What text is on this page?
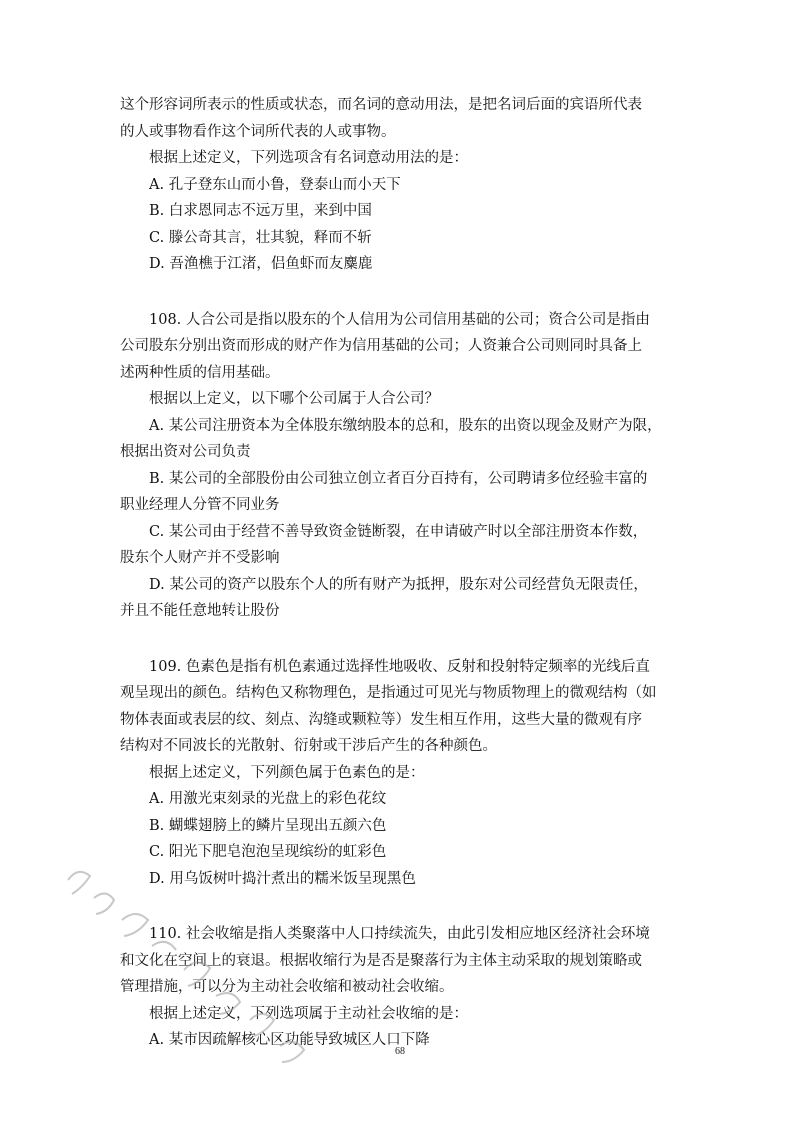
这个形容词所表示的性质或状态，而名词的意动用法，是把名词后面的宾语所代表
的人或事物看作这个词所代表的人或事物。
根据上述定义，下列选项含有名词意动用法的是：
A. 孔子登东山而小鲁，登泰山而小天下
B. 白求恩同志不远万里，来到中国
C. 滕公奇其言，壮其貌，释而不斩
D. 吾渔樵于江渚，侣鱼虾而友麋鹿
108. 人合公司是指以股东的个人信用为公司信用基础的公司；资合公司是指由
公司股东分别出资而形成的财产作为信用基础的公司；人资兼合公司则同时具备上
述两种性质的信用基础。
根据以上定义，以下哪个公司属于人合公司？
A. 某公司注册资本为全体股东缴纳股本的总和，股东的出资以现金及财产为限，
根据出资对公司负责
B. 某公司的全部股份由公司独立创立者百分百持有，公司聘请多位经验丰富的
职业经理人分管不同业务
C. 某公司由于经营不善导致资金链断裂，在申请破产时以全部注册资本作数，
股东个人财产并不受影响
D. 某公司的资产以股东个人的所有财产为抵押，股东对公司经营负无限责任，
并且不能任意地转让股份
109. 色素色是指有机色素通过选择性地吸收、反射和投射特定频率的光线后直
观呈现出的颜色。结构色又称物理色，是指通过可见光与物质物理上的微观结构（如
物体表面或表层的纹、刻点、沟缝或颗粒等）发生相互作用，这些大量的微观有序
结构对不同波长的光散射、衍射或干涉后产生的各种颜色。
根据上述定义，下列颜色属于色素色的是：
A. 用激光束刻录的光盘上的彩色花纹
B. 蝴蝶翅膀上的鳞片呈现出五颜六色
C. 阳光下肥皂泡泡呈现缤纷的虹彩色
D. 用乌饭树叶捣汁煮出的糯米饭呈现黑色
110. 社会收缩是指人类聚落中人口持续流失，由此引发相应地区经济社会环境
和文化在空间上的衰退。根据收缩行为是否是聚落行为主体主动采取的规划策略或
管理措施，可以分为主动社会收缩和被动社会收缩。
根据上述定义，下列选项属于主动社会收缩的是：
A. 某市因疏解核心区功能导致城区人口下降
68
